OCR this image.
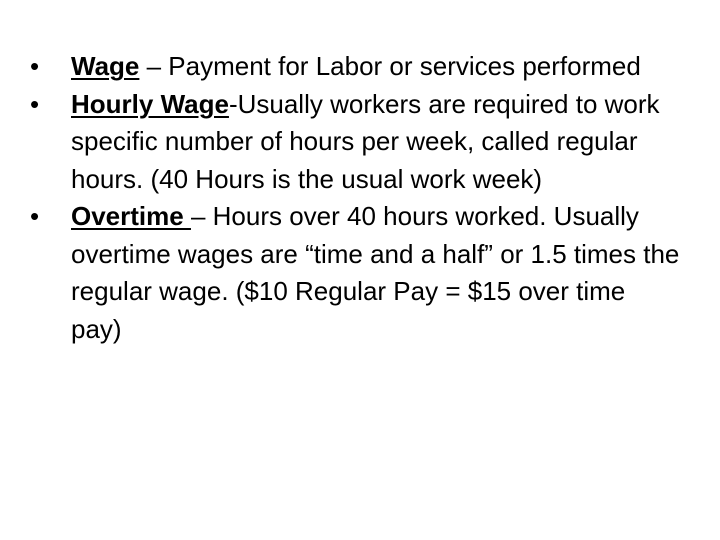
•	Wage – Payment for Labor or services performed
•	Hourly Wage-Usually workers are required to work specific number of hours per week, called regular hours. (40 Hours is the usual work week)
•	Overtime – Hours over 40 hours worked. Usually overtime wages are “time and a half” or 1.5 times the regular wage. ($10 Regular Pay = $15 over time pay)
